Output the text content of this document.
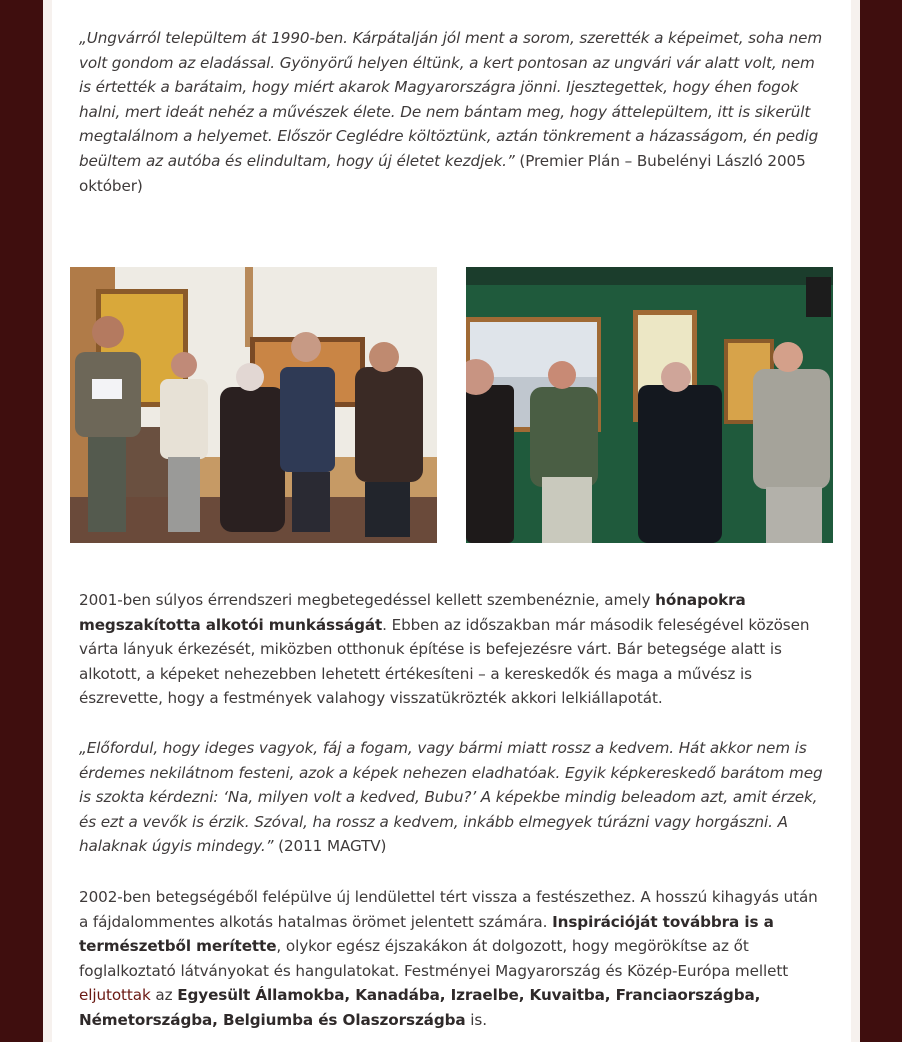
„Ungvárról települtem át 1990-ben. Kárpátalján jól ment a sorom, szerették a képeimet, soha nem volt gondom az eladással. Gyönyörű helyen éltünk, a kert pontosan az ungvári vár alatt volt, nem is értették a barátaim, hogy miért akarok Magyarországra jönni. Ijesztegettek, hogy éhen fogok halni, mert ideát nehéz a művészek élete. De nem bántam meg, hogy áttelepültem, itt is sikerült megtalálnom a helyemet. Először Ceglédre költöztünk, aztán tönkrement a házasságom, én pedig beültem az autóba és elindultam, hogy új életet kezdjek.” (Premier Plán – Bubelényi László 2005 október)

2001-ben súlyos érrendszeri megbetegedéssel kellett szembenéznie, amely hónapokra megszakította alkotói munkásságát. Ebben az időszakban már második feleségével közösen várta lányuk érkezését, miközben otthonuk építése is befejezésre várt. Bár betegsége alatt is alkotott, a képeket nehezebben lehetett értékesíteni – a kereskedők és maga a művész is észrevette, hogy a festmények valahogy visszatükrözték akkori lelkiállapotát.

„Előfordul, hogy ideges vagyok, fáj a fogam, vagy bármi miatt rossz a kedvem. Hát akkor nem is érdemes nekilátnom festeni, azok a képek nehezen eladhatóak. Egyik képkereskedő barátom meg is szokta kérdezni: ‘Na, milyen volt a kedved, Bubu?’ A képekbe mindig beleadom azt, amit érzek, és ezt a vevők is érzik. Szóval, ha rossz a kedvem, inkább elmegyek túrázni vagy horgászni. A halaknak úgyis mindegy.” (2011 MAGTV)

2002-ben betegségéből felépülve új lendülettel tért vissza a festészethez. A hosszú kihagyás után a fájdalommentes alkotás hatalmas örömet jelentett számára. Inspirációját továbbra is a természetből merítette, olykor egész éjszakákon át dolgozott, hogy megörökítse az őt foglalkoztató látványokat és hangulatokat. Festményei Magyarország és Közép-Európa mellett eljutottak az Egyesült Államokba, Kanadába, Izraelbe, Kuvaitba, Franciaországba, Németországba, Belgiumba és Olaszországba is.
